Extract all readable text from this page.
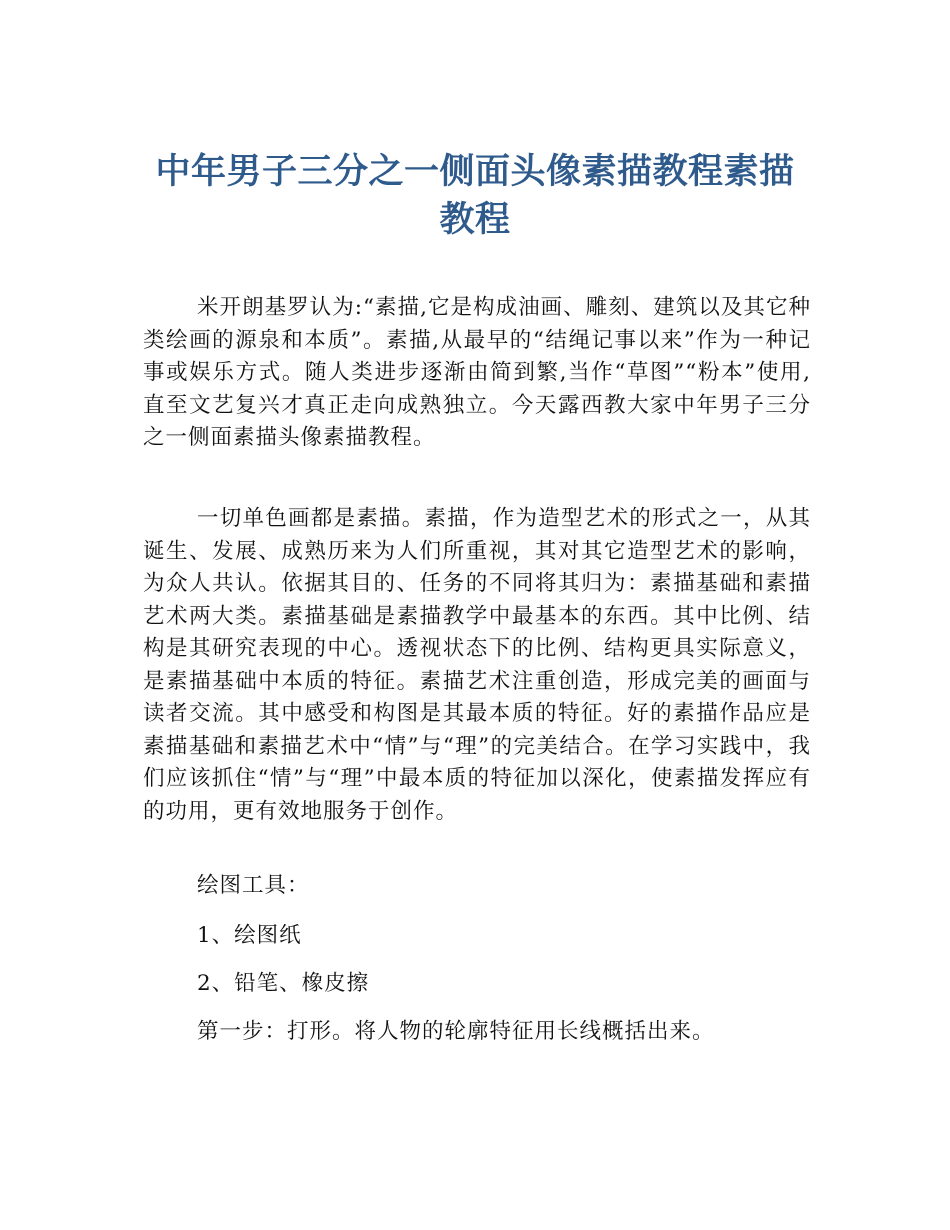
中年男子三分之一侧面头像素描教程素描教程

米开朗基罗认为:“素描,它是构成油画、雕刻、建筑以及其它种类绘画的源泉和本质”。素描,从最早的“结绳记事以来”作为一种记事或娱乐方式。随人类进步逐渐由简到繁,当作“草图”“粉本”使用,直至文艺复兴才真正走向成熟独立。今天露西教大家中年男子三分之一侧面素描头像素描教程。

一切单色画都是素描。素描，作为造型艺术的形式之一，从其诞生、发展、成熟历来为人们所重视，其对其它造型艺术的影响，为众人共认。依据其目的、任务的不同将其归为：素描基础和素描艺术两大类。素描基础是素描教学中最基本的东西。其中比例、结构是其研究表现的中心。透视状态下的比例、结构更具实际意义，是素描基础中本质的特征。素描艺术注重创造，形成完美的画面与读者交流。其中感受和构图是其最本质的特征。好的素描作品应是素描基础和素描艺术中“情”与“理”的完美结合。在学习实践中，我们应该抓住“情”与“理”中最本质的特征加以深化，使素描发挥应有的功用，更有效地服务于创作。

绘图工具：

1、绘图纸

2、铅笔、橡皮擦

第一步：打形。将人物的轮廓特征用长线概括出来。
